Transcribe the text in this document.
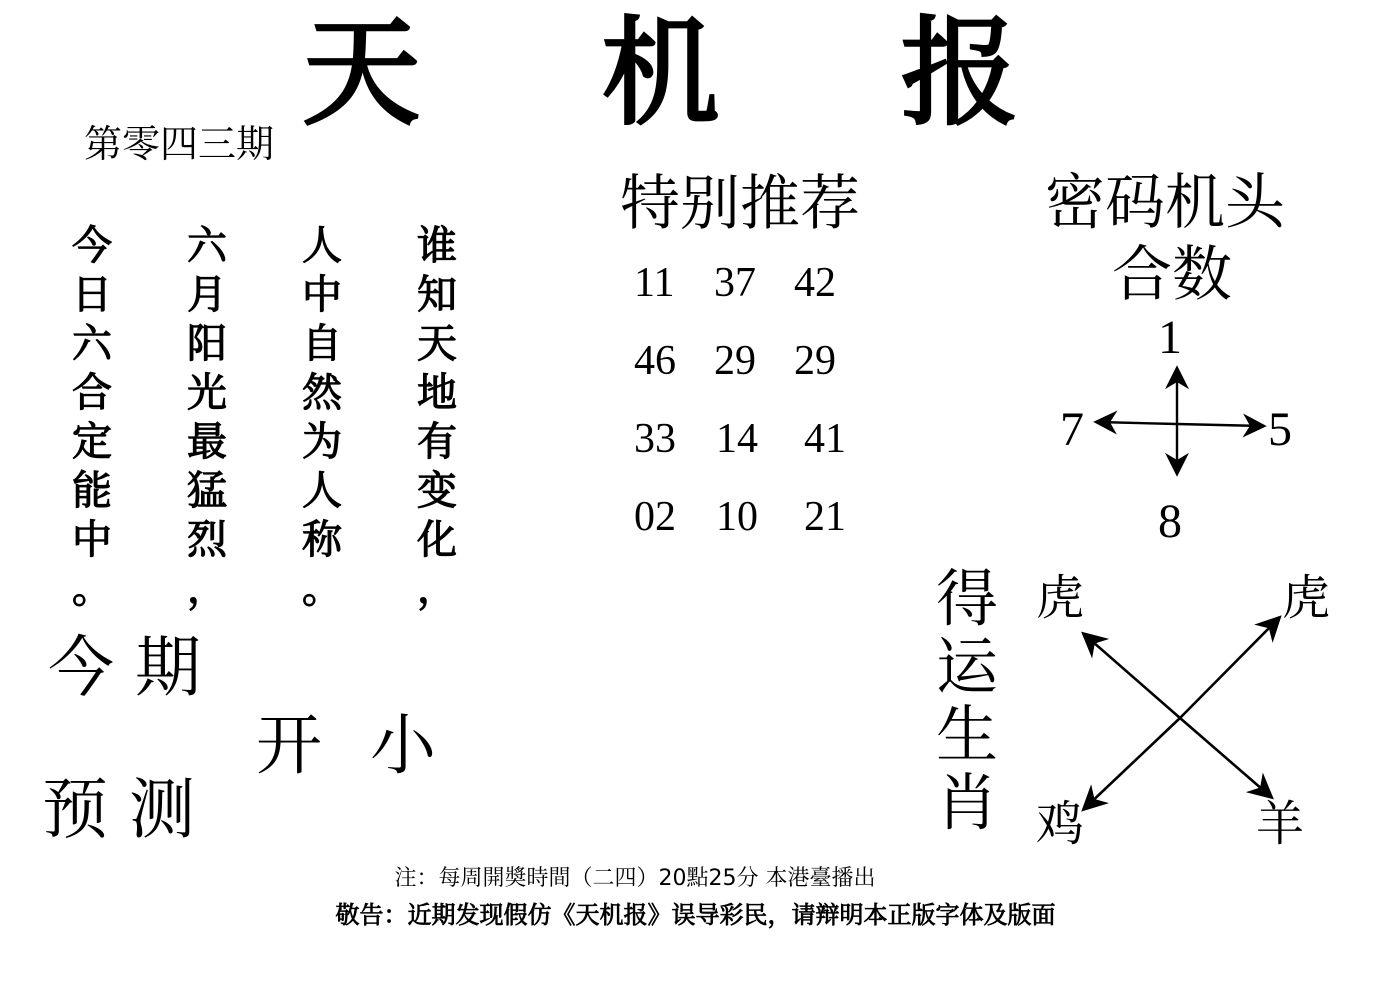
天 机 报
第零四三期
今
日
六
合
定
能
中
。
六
月
阳
光
最
猛
烈
，
人
中
自
然
为
人
称
。
谁
知
天
地
有
变
化
，
今 期
预 测
开 小
特别推荐
11 37 42
46 29 29
33 14 41
02 10 21
密码机头
合数
1
7	5
8
得
运
生
肖
虎	虎
鸡	羊
注：每周開奬時間（二四）20點25分 本港臺播出
敬告：近期发现假仿《天机报》误导彩民，请辩明本正版字体及版面
